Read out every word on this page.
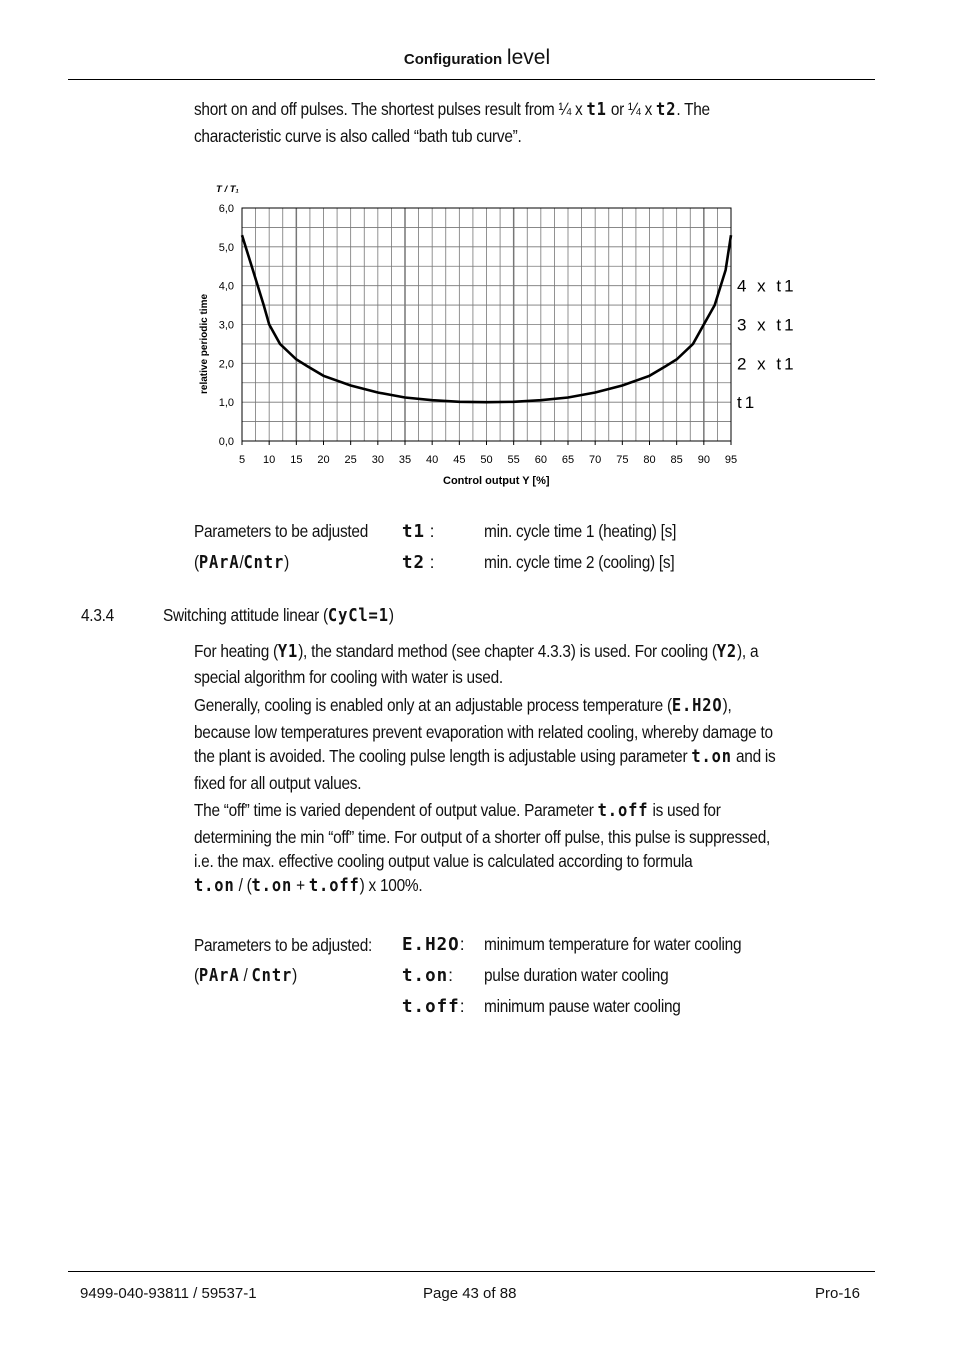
Configuration level
short on and off pulses. The shortest pulses result from ¼ x t1 or ¼ x t2. The
characteristic curve is also called “bath tub curve”.
5 10 15 20 25 30 35 40 45 50 55 60 65 70 75 80 85 90 95
0,0
1,0
2,0
3,0
4,0
5,0
6,0
T / T₁
relative periodic time
Control output Y [%]
4 x t1
3 x t1
2 x t1
t1
Parameters to be adjusted
(PArA/Cntr)
t1 :	min. cycle time 1 (heating) [s]
t2 :	min. cycle time 2 (cooling) [s]
4.3.4	Switching attitude linear (CyCl=1)
For heating (Y1), the standard method (see chapter 4.3.3) is used. For cooling (Y2), a
special algorithm for cooling with water is used.
Generally, cooling is enabled only at an adjustable process temperature (E.H2O),
because low temperatures prevent evaporation with related cooling, whereby damage to
the plant is avoided. The cooling pulse length is adjustable using parameter t.on and is
fixed for all output values.
The “off” time is varied dependent of output value. Parameter t.off is used for
determining the min “off” time. For output of a shorter off pulse, this pulse is suppressed,
i.e. the max. effective cooling output value is calculated according to formula
t.on / (t.on + t.off) x 100%.
Parameters to be adjusted:
(PArA / Cntr)
E.H2O: minimum temperature for water cooling
t.on: pulse duration water cooling
t.off: minimum pause water cooling
9499-040-93811 / 59537-1	Page 43 of 88	Pro-16
